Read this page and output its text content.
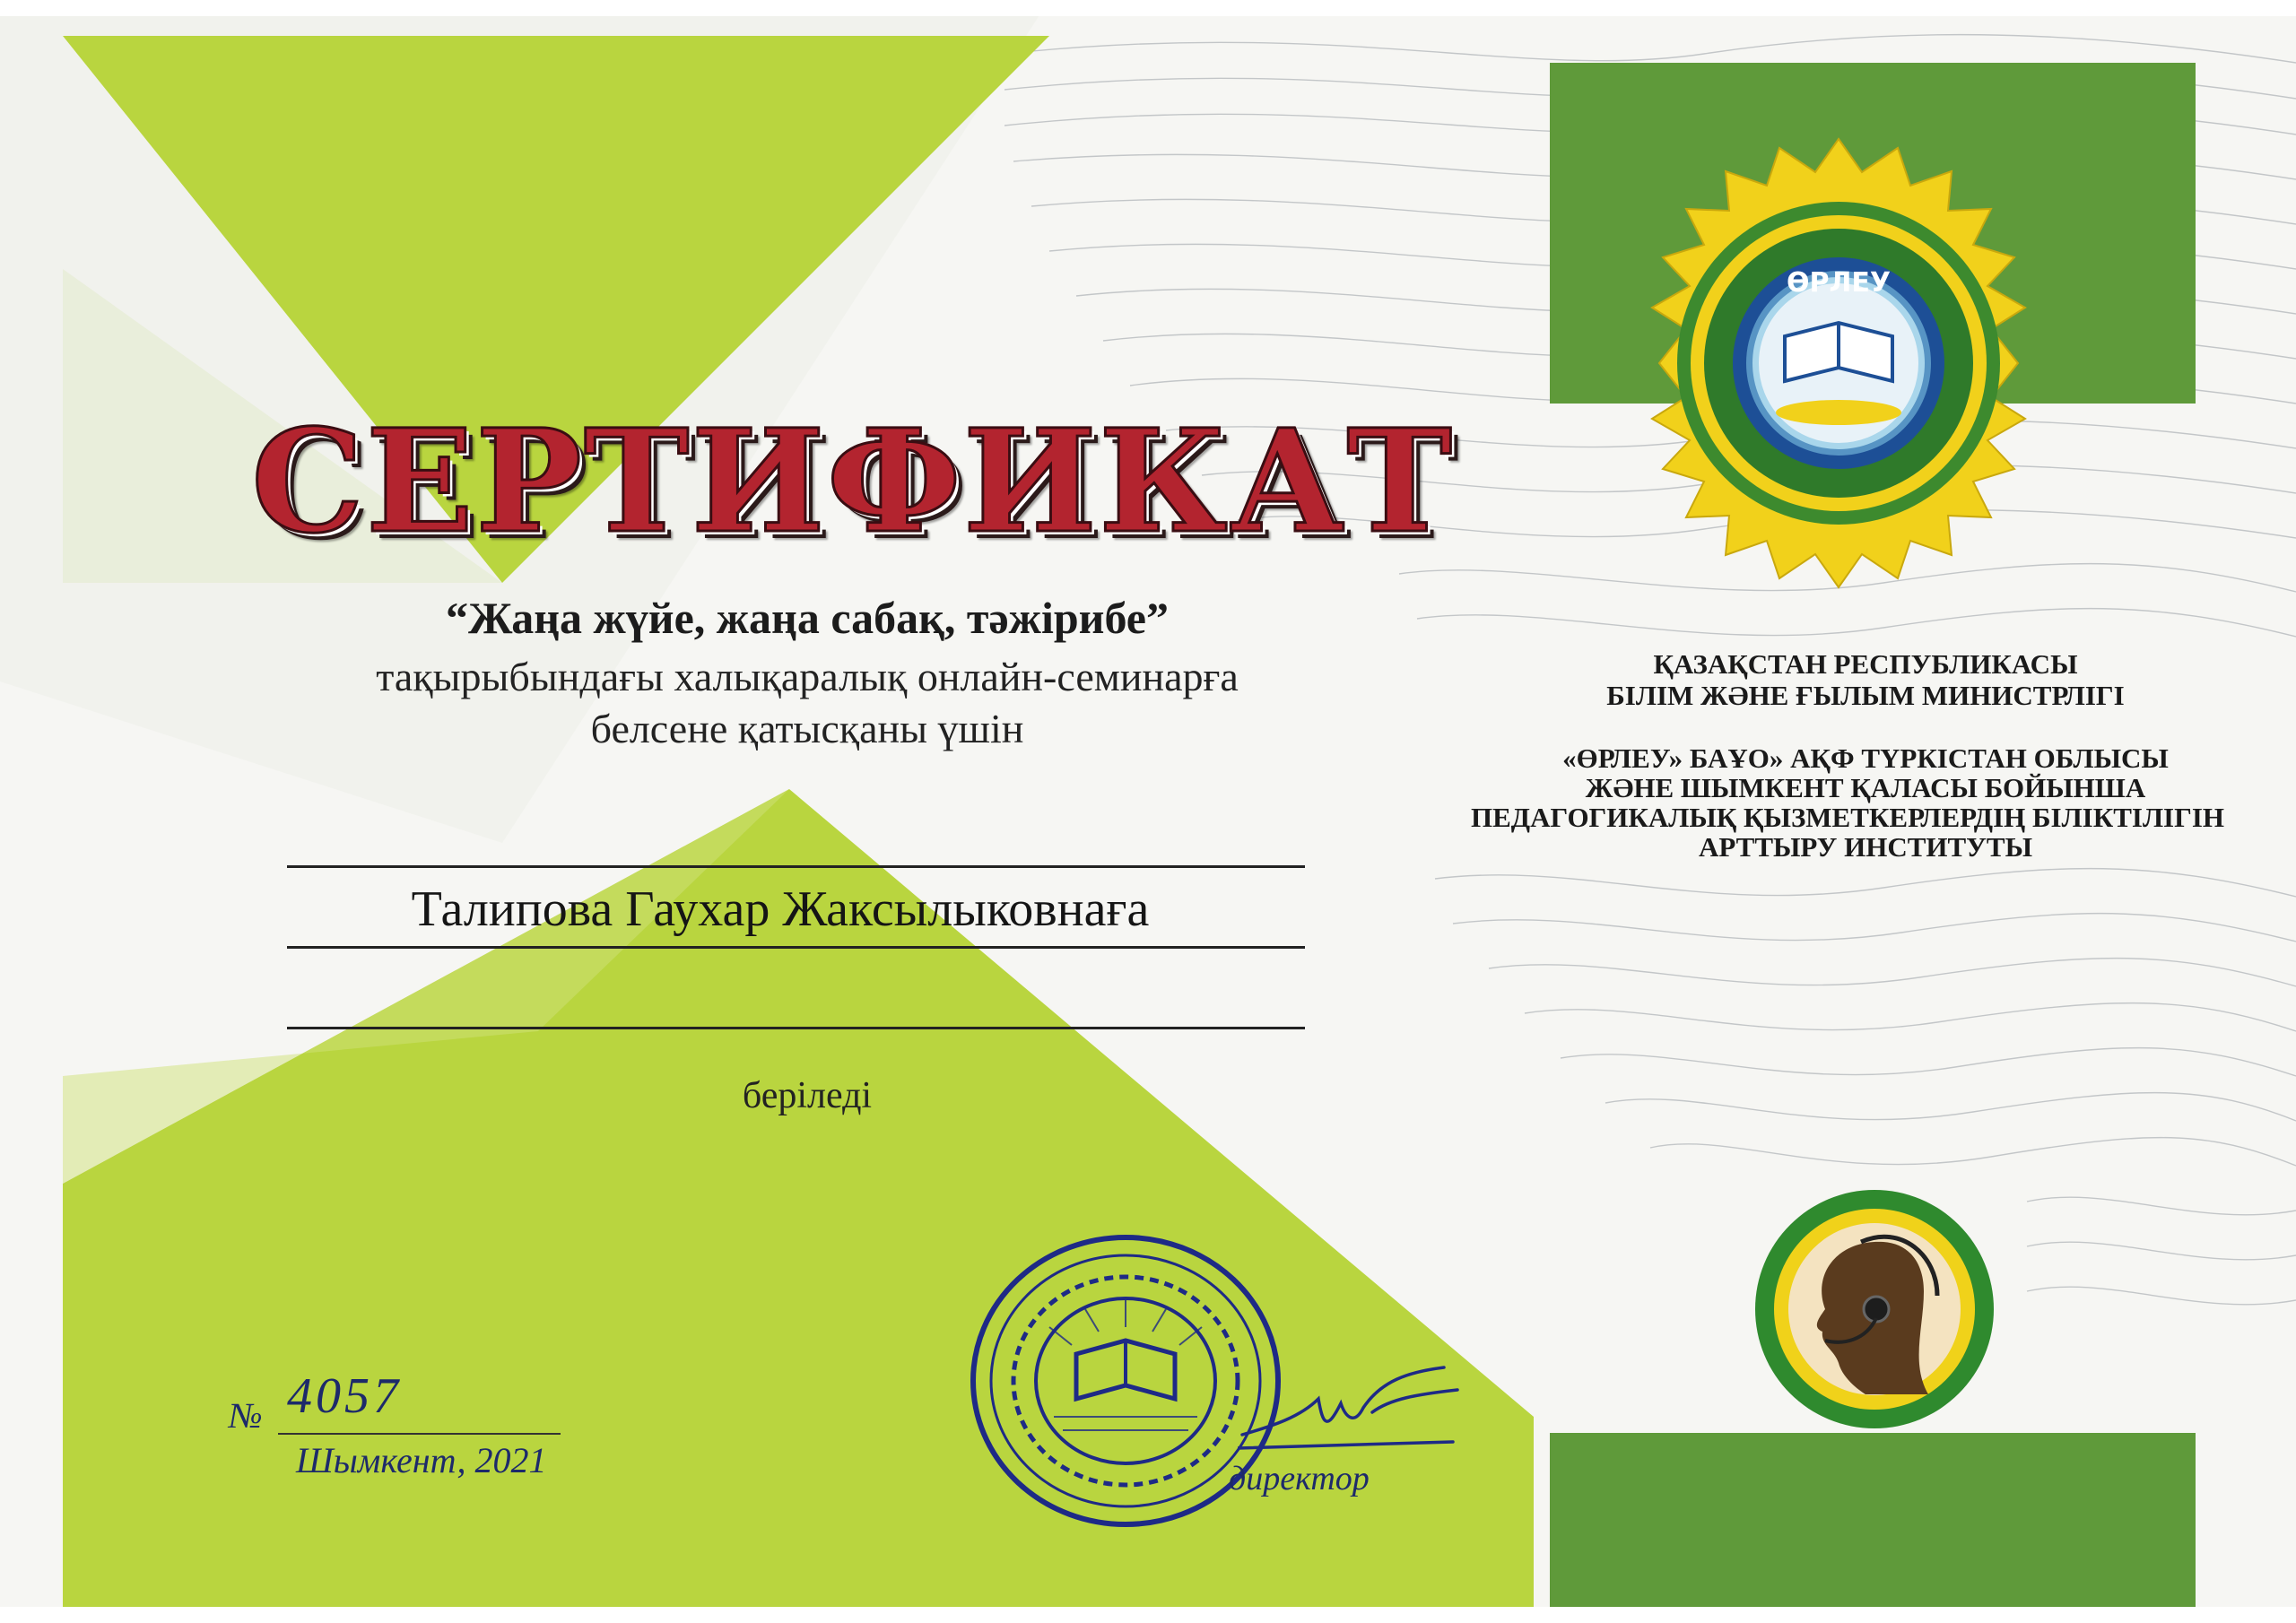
ӨРЛЕУ
СЕРТИФИКАТ
“Жаңа жүйе, жаңа сабақ, тәжірибе”
тақырыбындағы халықаралық онлайн-семинарға
белсене қатысқаны үшін
Талипова Гаухар Жаксылыковнаға
беріледі
№ 4057
Шымкент, 2021	директор
ҚАЗАҚСТАН РЕСПУБЛИКАСЫ
БІЛІМ ЖӘНЕ ҒЫЛЫМ МИНИСТРЛІГІ
«ӨРЛЕУ» БАҰО» АҚФ ТҮРКІСТАН ОБЛЫСЫ
ЖӘНЕ ШЫМКЕНТ ҚАЛАСЫ БОЙЫНША
ПЕДАГОГИКАЛЫҚ ҚЫЗМЕТКЕРЛЕРДІҢ БІЛІКТІЛІГІН
АРТТЫРУ ИНСТИТУТЫ
